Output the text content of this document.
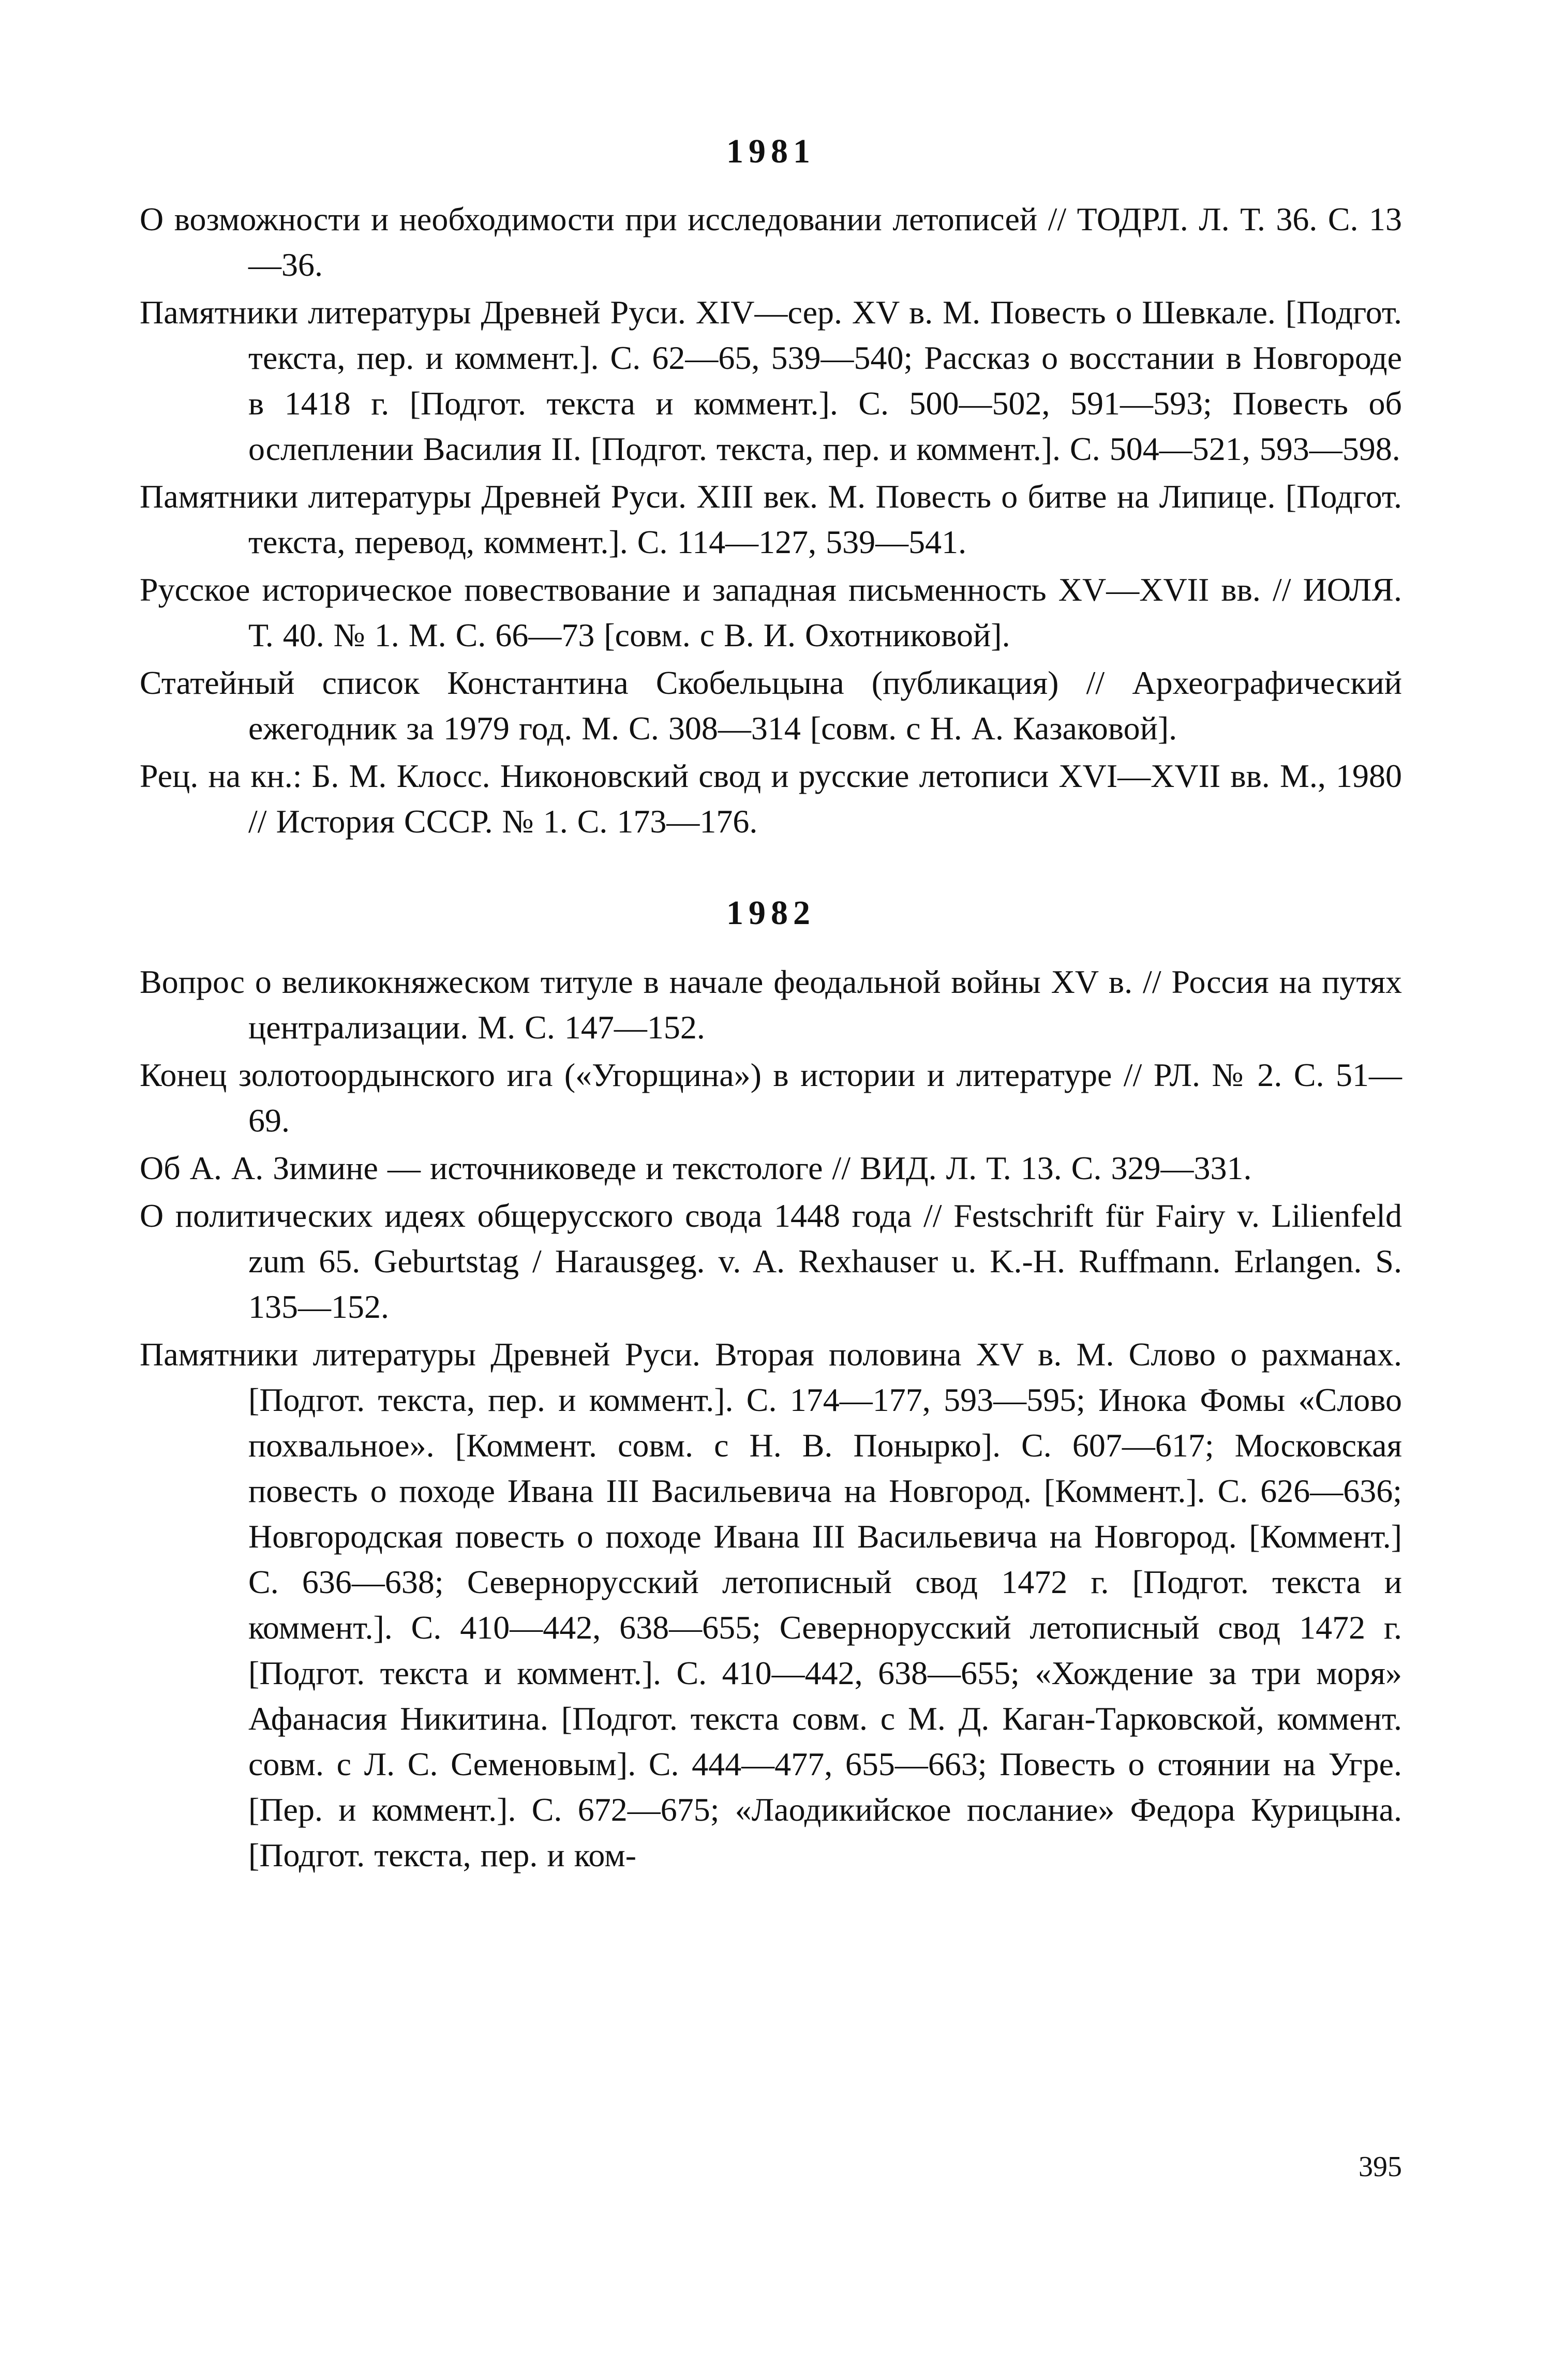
1981
О возможности и необходимости при исследовании летописей // ТОДРЛ. Л. Т. 36. С. 13—36.
Памятники литературы Древней Руси. XIV—сер. XV в. М. Повесть о Шевкале. [Подгот. текста, пер. и коммент.]. С. 62—65, 539—540; Рассказ о восстании в Новгороде в 1418 г. [Подгот. текста и коммент.]. С. 500—502, 591—593; Повесть об ослеплении Василия II. [Подгот. текста, пер. и коммент.]. С. 504—521, 593—598.
Памятники литературы Древней Руси. XIII век. М. Повесть о битве на Липице. [Подгот. текста, перевод, коммент.]. С. 114—127, 539—541.
Русское историческое повествование и западная письменность XV—XVII вв. // ИОЛЯ. Т. 40. № 1. М. С. 66—73 [совм. с В. И. Охотниковой].
Статейный список Константина Скобельцына (публикация) // Археографический ежегодник за 1979 год. М. С. 308—314 [совм. с Н. А. Казаковой].
Рец. на кн.: Б. М. Клосс. Никоновский свод и русские летописи XVI—XVII вв. М., 1980 // История СССР. № 1. С. 173—176.
1982
Вопрос о великокняжеском титуле в начале феодальной войны XV в. // Россия на путях централизации. М. С. 147—152.
Конец золотоордынского ига («Угорщина») в истории и литературе // РЛ. № 2. С. 51—69.
Об А. А. Зимине — источниковеде и текстологе // ВИД. Л. Т. 13. С. 329—331.
О политических идеях общерусского свода 1448 года // Festschrift für Fairy v. Lilienfeld zum 65. Geburtstag / Harausgeg. v. A. Rexhauser u. K.-H. Ruffmann. Erlangen. S. 135—152.
Памятники литературы Древней Руси. Вторая половина XV в. М. Слово о рахманах. [Подгот. текста, пер. и коммент.]. С. 174—177, 593—595; Инока Фомы «Слово похвальное». [Коммент. совм. с Н. В. Понырко]. С. 607—617; Московская повесть о походе Ивана III Васильевича на Новгород. [Коммент.]. С. 626—636; Новгородская повесть о походе Ивана III Васильевича на Новгород. [Коммент.] С. 636—638; Севернорусский летописный свод 1472 г. [Подгот. текста и коммент.]. С. 410—442, 638—655; Севернорусский летописный свод 1472 г. [Подгот. текста и коммент.]. С. 410—442, 638—655; «Хождение за три моря» Афанасия Никитина. [Подгот. текста совм. с М. Д. Каган-Тарковской, коммент. совм. с Л. С. Семеновым]. С. 444—477, 655—663; Повесть о стоянии на Угре. [Пер. и коммент.]. С. 672—675; «Лаодикийское послание» Федора Курицына. [Подгот. текста, пер. и ком-
395
